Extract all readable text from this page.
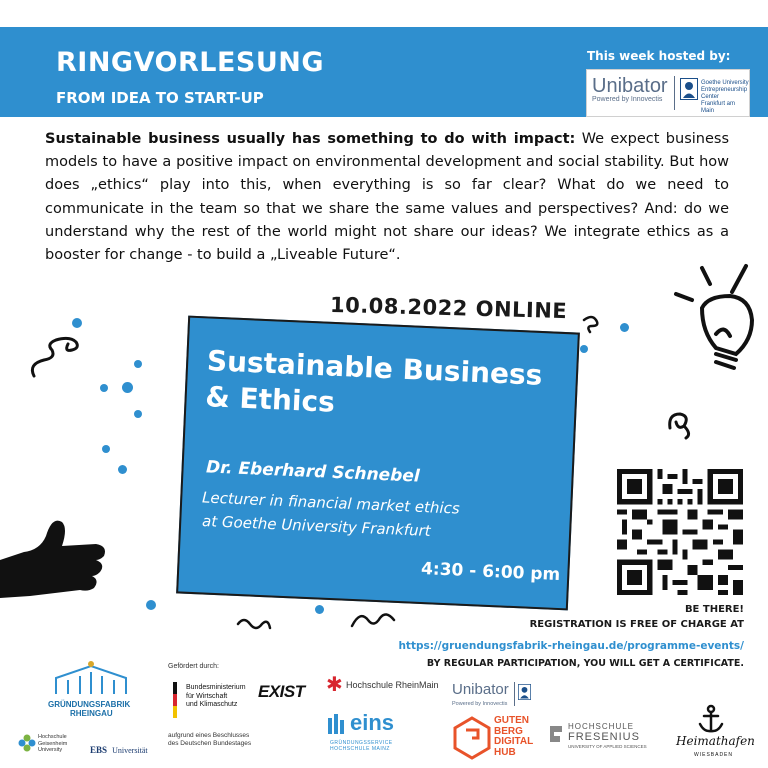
RINGVORLESUNG
FROM IDEA TO START-UP
This week hosted by:
Unibator
Powered by Innovectis
Goethe University
Entrepreneurship Center
Frankfurt am Main
Sustainable business usually has something to do with impact: We expect business models to have a positive impact on environmental development and social stability. But how does „ethics“ play into this, when everything is so far clear? What do we need to communicate in the team so that we share the same values and perspectives? And: do we understand why the rest of the world might not share our ideas? We integrate ethics as a booster for change - to build a „Liveable Future“.
10.08.2022 ONLINE
Sustainable Business
& Ethics
Dr. Eberhard Schnebel
Lecturer in financial market ethics
at Goethe University Frankfurt
4:30 - 6:00 pm
BE THERE!
REGISTRATION IS FREE OF CHARGE AT
https://gruendungsfabrik-rheingau.de/programme-events/
BY REGULAR PARTICIPATION, YOU WILL GET A CERTIFICATE.
GRÜNDUNGSFABRIK
RHEINGAU
Hochschule Geisenheim University	EBS Universität
Gefördert durch:
Bundesministerium
für Wirtschaft
und Klimaschutz
aufgrund eines Beschlusses
des Deutschen Bundestages
EXIST ✱ Hochschule RheinMain
eins
GRÜNDUNGSSERVICE HOCHSCHULE MAINZ
Unibator
Powered by Innovectis
GUTEN
BERG
DIGITAL
HUB
HOCHSCHULE
FRESENIUS
UNIVERSITY OF APPLIED SCIENCES Heimathafen
WIESBADEN
